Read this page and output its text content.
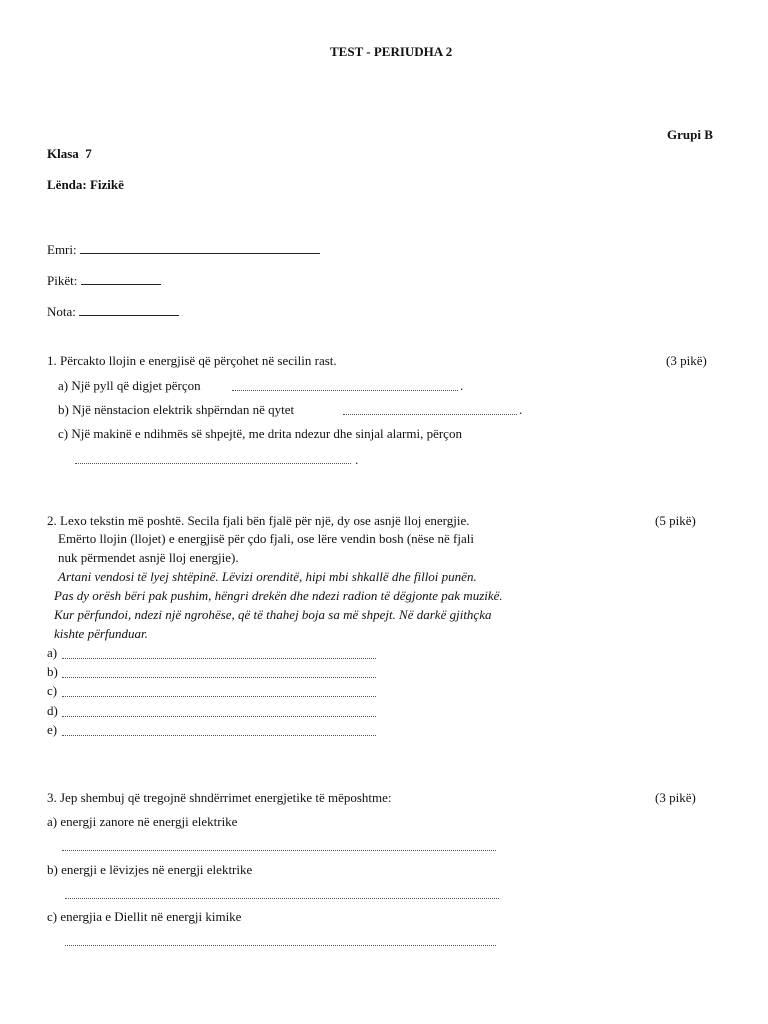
TEST - PERIUDHA 2
Grupi B
Klasa  7
Lënda: Fizikë
Emri:
Pikët:
Nota:
1. Përcakto llojin e energjisë që përçohet në secilin rast.	(3 pikë)
a) Një pyll që digjet përçon	.
b) Një nënstacion elektrik shpërndan në qytet	.
c) Një makinë e ndihmës së shpejtë, me drita ndezur dhe sinjal alarmi, përçon
.
2. Lexo tekstin më poshtë. Secila fjali bën fjalë për një, dy ose asnjë lloj energjie.	(5 pikë)
Emërto llojin (llojet) e energjisë për çdo fjali, ose lëre vendin bosh (nëse në fjali
nuk përmendet asnjë lloj energjie).
Artani vendosi të lyej shtëpinë. Lëvizi orenditë, hipi mbi shkallë dhe filloi punën.
Pas dy orësh bëri pak pushim, hëngri drekën dhe ndezi radion të dëgjonte pak muzikë.
Kur përfundoi, ndezi një ngrohëse, që të thahej boja sa më shpejt. Në darkë gjithçka
kishte përfunduar.
a)
b)
c)
d)
e)
3. Jep shembuj që tregojnë shndërrimet energjetike të mëposhtme:	(3 pikë)
a) energji zanore në energji elektrike
b) energji e lëvizjes në energji elektrike
c) energjia e Diellit në energji kimike
